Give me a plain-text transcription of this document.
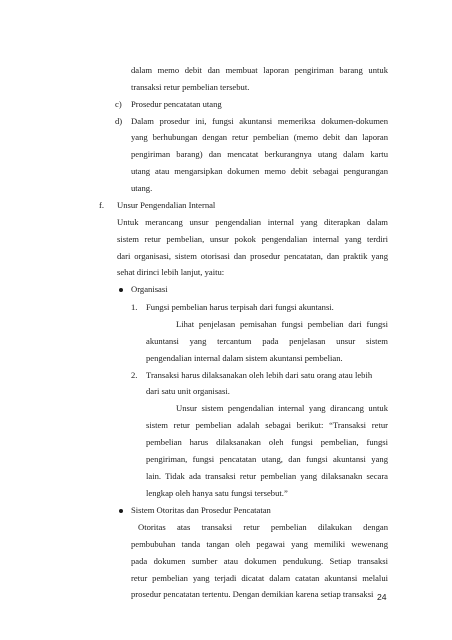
dalam memo debit dan membuat laporan pengiriman barang untuk
transaksi retur pembelian tersebut.
c) Prosedur pencatatan utang
d) Dalam prosedur ini, fungsi akuntansi memeriksa dokumen-dokumen
yang berhubungan dengan retur pembelian (memo debit dan laporan
pengiriman barang) dan mencatat berkurangnya utang dalam kartu
utang atau mengarsipkan dokumen memo debit sebagai pengurangan
utang.
f. Unsur Pengendalian Internal
Untuk merancang unsur pengendalian internal yang diterapkan dalam
sistem retur pembelian, unsur pokok pengendalian internal yang terdiri
dari organisasi, sistem otorisasi dan prosedur pencatatan, dan praktik yang
sehat dirinci lebih lanjut, yaitu:
Organisasi
1. Fungsi pembelian harus terpisah dari fungsi akuntansi.
Lihat penjelasan pemisahan fungsi pembelian dari fungsi
akuntansi yang tercantum pada penjelasan unsur sistem
pengendalian internal dalam sistem akuntansi pembelian.
2. Transaksi harus dilaksanakan oleh lebih dari satu orang atau lebih
dari satu unit organisasi.
Unsur sistem pengendalian internal yang dirancang untuk
sistem retur pembelian adalah sebagai berikut: “Transaksi retur
pembelian harus dilaksanakan oleh fungsi pembelian, fungsi
pengiriman, fungsi pencatatan utang, dan fungsi akuntansi yang
lain. Tidak ada transaksi retur pembelian yang dilaksanakn secara
lengkap oleh hanya satu fungsi tersebut.”
Sistem Otoritas dan Prosedur Pencatatan
Otoritas atas transaksi retur pembelian dilakukan dengan
pembubuhan tanda tangan oleh pegawai yang memiliki wewenang
pada dokumen sumber atau dokumen pendukung. Setiap transaksi
retur pembelian yang terjadi dicatat dalam catatan akuntansi melalui
prosedur pencatatan tertentu. Dengan demikian karena setiap transaksi 24
